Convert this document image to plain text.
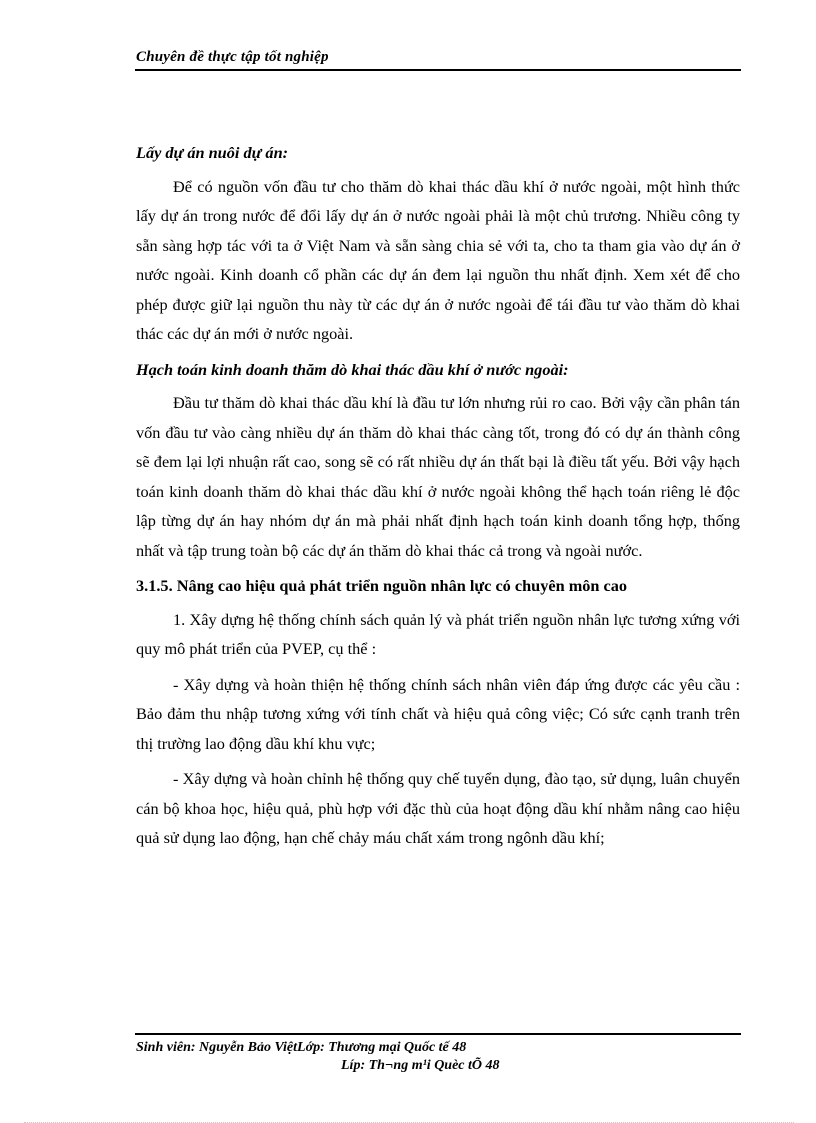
Chuyên đề thực tập tốt nghiệp
Lấy dự án nuôi dự án:
Để có nguồn vốn đầu tư cho thăm dò khai thác dầu khí ở nước ngoài, một hình thức lấy dự án trong nước để đổi lấy dự án ở nước ngoài phải là một chủ trương. Nhiều công ty sẵn sàng hợp tác với ta ở Việt Nam và sẵn sàng chia sẻ với ta, cho ta tham gia vào dự án ở nước ngoài. Kinh doanh cổ phần các dự án đem lại nguồn thu nhất định. Xem xét để cho phép được giữ lại nguồn thu này từ các dự án ở nước ngoài để tái đầu tư vào thăm dò khai thác các dự án mới ở nước ngoài.
Hạch toán kinh doanh thăm dò khai thác dầu khí ở nước ngoài:
Đầu tư thăm dò khai thác dầu khí là đầu tư lớn nhưng rủi ro cao. Bởi vậy cần phân tán vốn đầu tư vào càng nhiều dự án thăm dò khai thác càng tốt, trong đó có dự án thành công sẽ đem lại lợi nhuận rất cao, song sẽ có rất nhiều dự án thất bại là điều tất yếu. Bởi vậy hạch toán kinh doanh thăm dò khai thác dầu khí ở nước ngoài không thể hạch toán riêng lẻ độc lập từng dự án hay nhóm dự án mà phải nhất định hạch toán kinh doanh tổng hợp, thống nhất và tập trung toàn bộ các dự án thăm dò khai thác cả trong và ngoài nước.
3.1.5. Nâng cao hiệu quả phát triển nguồn nhân lực có chuyên môn cao
1. Xây dựng hệ thống chính sách quản lý và phát triển nguồn nhân lực tương xứng với quy mô phát triển của PVEP, cụ thể :
- Xây dựng và hoàn thiện hệ thống chính sách nhân viên đáp ứng được các yêu cầu : Bảo đảm thu nhập tương xứng với tính chất và hiệu quả công việc; Có sức cạnh tranh trên thị trường lao động dầu khí khu vực;
- Xây dựng và hoàn chỉnh hệ thống quy chế tuyển dụng, đào tạo, sử dụng, luân chuyển cán bộ khoa học, hiệu quả, phù hợp với đặc thù của hoạt động dầu khí nhằm nâng cao hiệu quả sử dụng lao động, hạn chế chảy máu chất xám trong ngônh dầu khí;
Sinh viên: Nguyễn Bảo ViệtLớp: Thương mại Quốc tế 48
Líp: Th¬ng m¹i Quèc tÕ 48
